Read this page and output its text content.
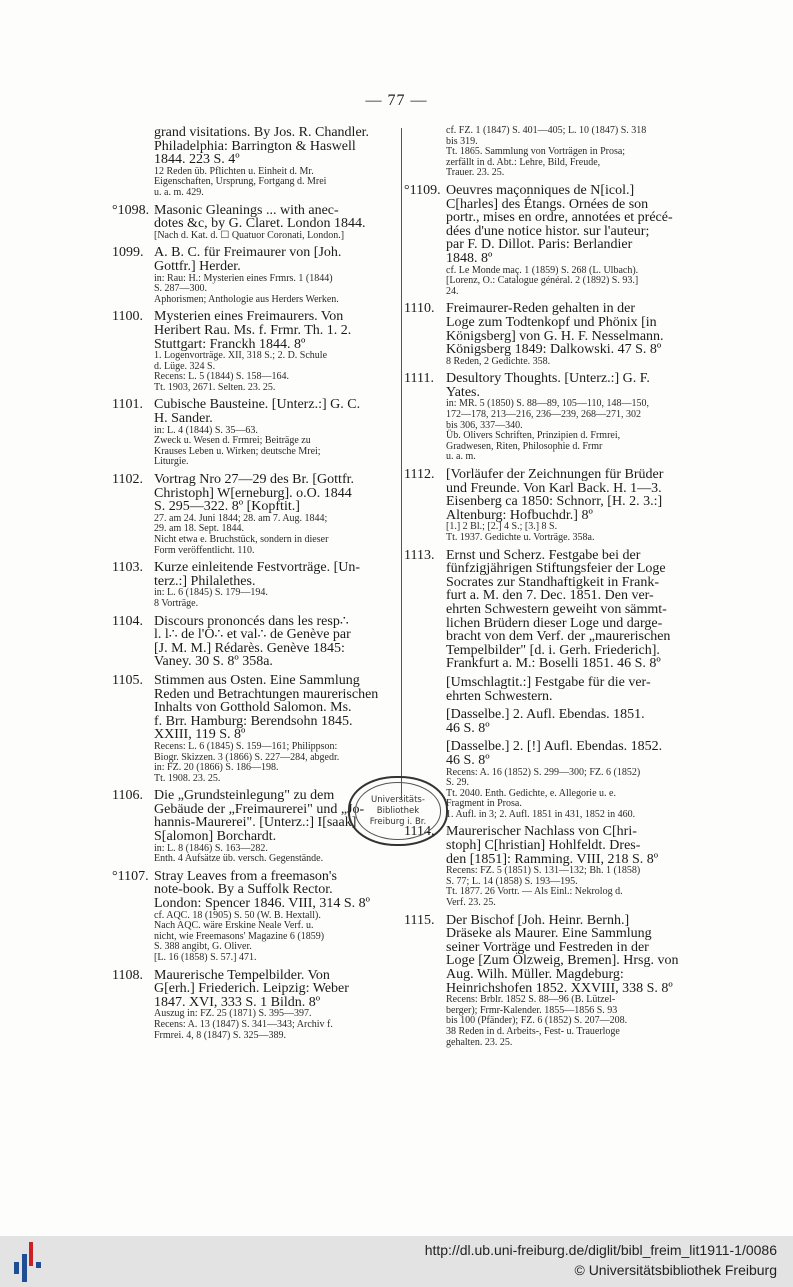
— 77 —
grand visitations. By Jos. R. Chandler.
Philadelphia: Barrington & Haswell
1844. 223 S. 4º
12 Reden üb. Pflichten u. Einheit d. Mr.
Eigenschaften, Ursprung, Fortgang d. Mrei
u. a. m. 429.
°1098. Masonic Gleanings ... with anec-
dotes &c, by G. Claret. London 1844.
[Nach d. Kat. d. ☐ Quatuor Coronati, London.]
1099. A. B. C. für Freimaurer von [Joh.
Gottfr.] Herder.
in: Rau: H.: Mysterien eines Frmrs. 1 (1844)
S. 287—300.
Aphorismen; Anthologie aus Herders Werken.
1100. Mysterien eines Freimaurers. Von
Heribert Rau. Ms. f. Frmr. Th. 1. 2.
Stuttgart: Franckh 1844. 8º
1. Logenvorträge. XII, 318 S.; 2. D. Schule
d. Lüge. 324 S.
Recens: L. 5 (1844) S. 158—164.
Tt. 1903, 2671. Selten. 23. 25.
1101. Cubische Bausteine. [Unterz.:] G. C.
H. Sander.
in: L. 4 (1844) S. 35—63.
Zweck u. Wesen d. Frmrei; Beiträge zu
Krauses Leben u. Wirken; deutsche Mrei;
Liturgie.
1102. Vortrag Nro 27—29 des Br. [Gottfr.
Christoph] W[erneburg]. o.O. 1844
S. 295—322. 8º [Kopftit.]
27. am 24. Juni 1844; 28. am 7. Aug. 1844;
29. am 18. Sept. 1844.
Nicht etwa e. Bruchstück, sondern in dieser
Form veröffentlicht. 110.
1103. Kurze einleitende Festvorträge. [Un-
terz.:] Philalethes.
in: L. 6 (1845) S. 179—194.
8 Vorträge.
1104. Discours prononcés dans les resp∴
l. l∴ de l'O∴ et val∴ de Genève par
[J. M. M.] Rédarès. Genève 1845:
Vaney. 30 S. 8º 358a.
1105. Stimmen aus Osten. Eine Sammlung
Reden und Betrachtungen maurerischen
Inhalts von Gotthold Salomon. Ms.
f. Brr. Hamburg: Berendsohn 1845.
XXIII, 119 S. 8º
Recens: L. 6 (1845) S. 159—161; Philippson:
Biogr. Skizzen. 3 (1866) S. 227—284, abgedr.
in: FZ. 20 (1866) S. 186—198.
Tt. 1908. 23. 25.
1106. Die „Grundsteinlegung" zu dem
Gebäude der „Freimaurerei" und „Jo-
hannis-Maurerei". [Unterz.:] I[saak]
S[alomon] Borchardt.
in: L. 8 (1846) S. 163—282.
Enth. 4 Aufsätze üb. versch. Gegenstände.
°1107. Stray Leaves from a freemason's
note-book. By a Suffolk Rector.
London: Spencer 1846. VIII, 314 S. 8º
cf. AQC. 18 (1905) S. 50 (W. B. Hextall).
Nach AQC. wäre Erskine Neale Verf. u.
nicht, wie Freemasons' Magazine 6 (1859)
S. 388 angibt, G. Oliver.
[L. 16 (1858) S. 57.] 471.
1108. Maurerische Tempelbilder. Von
G[erh.] Friederich. Leipzig: Weber
1847. XVI, 333 S. 1 Bildn. 8º
Auszug in: FZ. 25 (1871) S. 395—397.
Recens: A. 13 (1847) S. 341—343; Archiv f.
Frmrei. 4, 8 (1847) S. 325—389.
cf. FZ. 1 (1847) S. 401—405; L. 10 (1847) S. 318
bis 319.
Tt. 1865. Sammlung von Vorträgen in Prosa;
zerfällt in d. Abt.: Lehre, Bild, Freude,
Trauer. 23. 25.
°1109. Oeuvres maçonniques de N[icol.]
C[harles] des Étangs. Ornées de son
portr., mises en ordre, annotées et précé-
dées d'une notice histor. sur l'auteur;
par F. D. Dillot. Paris: Berlandier
1848. 8º
cf. Le Monde maç. 1 (1859) S. 268 (L. Ulbach).
[Lorenz, O.: Catalogue général. 2 (1892) S. 93.]
24.
1110. Freimaurer-Reden gehalten in der
Loge zum Todtenkopf und Phönix [in
Königsberg] von G. H. F. Nesselmann.
Königsberg 1849: Dalkowski. 47 S. 8º
8 Reden, 2 Gedichte. 358.
1111. Desultory Thoughts. [Unterz.:] G. F.
Yates.
in: MR. 5 (1850) S. 88—89, 105—110, 148—150,
172—178, 213—216, 236—239, 268—271, 302
bis 306, 337—340.
Üb. Olivers Schriften, Prinzipien d. Frmrei,
Gradwesen, Riten, Philosophie d. Frmr
u. a. m.
1112. [Vorläufer der Zeichnungen für Brüder
und Freunde. Von Karl Back. H. 1—3.
Eisenberg ca 1850: Schnorr, [H. 2. 3.:]
Altenburg: Hofbuchdr.] 8º
[1.] 2 Bl.; [2.] 4 S.; [3.] 8 S.
Tt. 1937. Gedichte u. Vorträge. 358a.
1113. Ernst und Scherz. Festgabe bei der
fünfzigjährigen Stiftungsfeier der Loge
Socrates zur Standhaftigkeit in Frank-
furt a. M. den 7. Dec. 1851. Den ver-
ehrten Schwestern geweiht von sämmt-
lichen Brüdern dieser Loge und darge-
bracht von dem Verf. der „maurerischen
Tempelbilder" [d. i. Gerh. Friederich].
Frankfurt a. M.: Boselli 1851. 46 S. 8º
[Umschlagtit.:] Festgabe für die ver-
ehrten Schwestern.
[Dasselbe.] 2. Aufl. Ebendas. 1851.
46 S. 8º
[Dasselbe.] 2. [!] Aufl. Ebendas. 1852.
46 S. 8º
Recens: A. 16 (1852) S. 299—300; FZ. 6 (1852)
S. 29.
Tt. 2040. Enth. Gedichte, e. Allegorie u. e.
Fragment in Prosa.
1. Aufl. in 3; 2. Aufl. 1851 in 431, 1852 in 460.
1114. Maurerischer Nachlass von C[hri-
stoph] C[hristian] Hohlfeldt. Dres-
den [1851]: Ramming. VIII, 218 S. 8º
Recens: FZ. 5 (1851) S. 131—132; Bh. 1 (1858)
S. 77; L. 14 (1858) S. 193—195.
Tt. 1877. 26 Vortr. — Als Einl.: Nekrolog d.
Verf. 23. 25.
1115. Der Bischof [Joh. Heinr. Bernh.]
Dräseke als Maurer. Eine Sammlung
seiner Vorträge und Festreden in der
Loge [Zum Ölzweig, Bremen]. Hrsg. von
Aug. Wilh. Müller. Magdeburg:
Heinrichshofen 1852. XXVIII, 338 S. 8º
Recens: Brblr. 1852 S. 88—96 (B. Lützel-
berger); Frmr-Kalender. 1855—1856 S. 93
bis 100 (Pfänder); FZ. 6 (1852) S. 207—208.
38 Reden in d. Arbeits-, Fest- u. Trauerloge
gehalten. 23. 25.
Universitäts-
Bibliothek
Freiburg i. Br.
http://dl.ub.uni-freiburg.de/diglit/bibl_freim_lit1911-1/0086
© Universitätsbibliothek Freiburg
